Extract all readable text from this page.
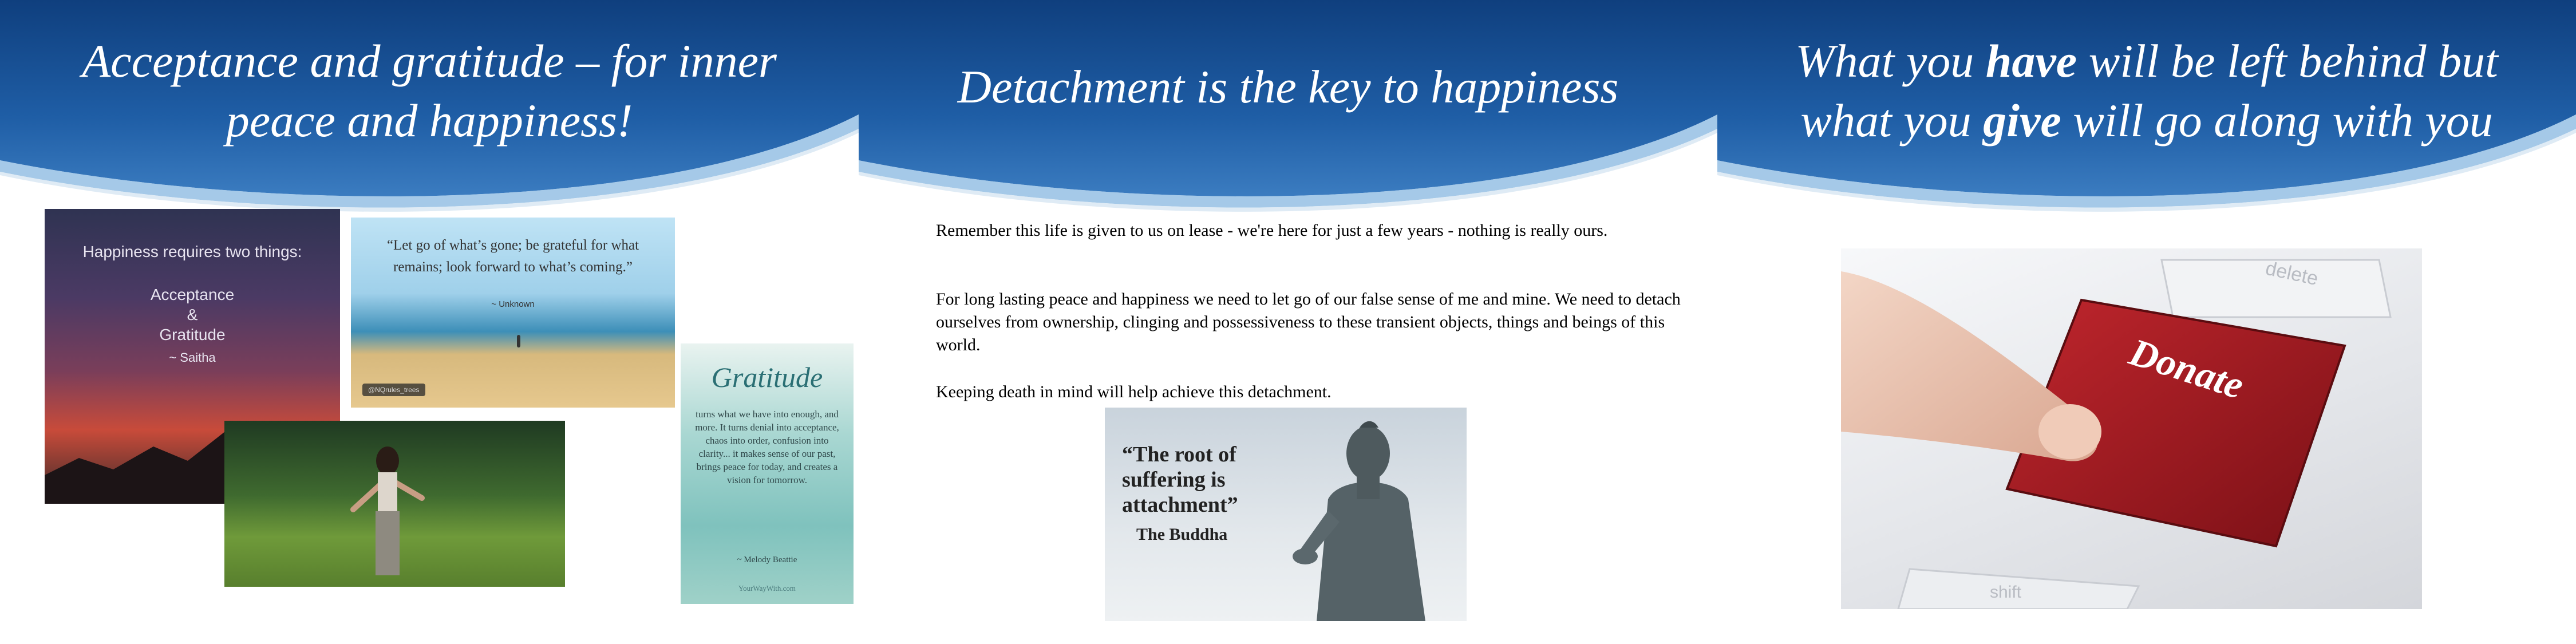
Acceptance and gratitude – for inner peace and happiness!
Happiness requires two things:
Acceptance
&
Gratitude
~ Saitha
“Let go of what’s gone; be grateful for what remains; look forward to what’s coming.”
~ Unknown
@NQrules_trees	Gratitude
turns what we have into enough, and more. It turns denial into acceptance, chaos into order, confusion into clarity... it makes sense of our past, brings peace for today, and creates a vision for tomorrow.
~ Melody Beattie
YourWayWith.com
Detachment is the key to happiness
Remember this life is given to us on lease - we're here for just a few years - nothing is really ours.
For long lasting peace and happiness we need to let go of our false sense of me and mine. We need to detach ourselves from ownership, clinging and possessiveness to these transient objects, things and beings of this world.
Keeping death in mind will help achieve this detachment.
“The root of suffering is attachment”
The Buddha
What you have will be left behind but what you give will go along with you
delete
Donate
shift
